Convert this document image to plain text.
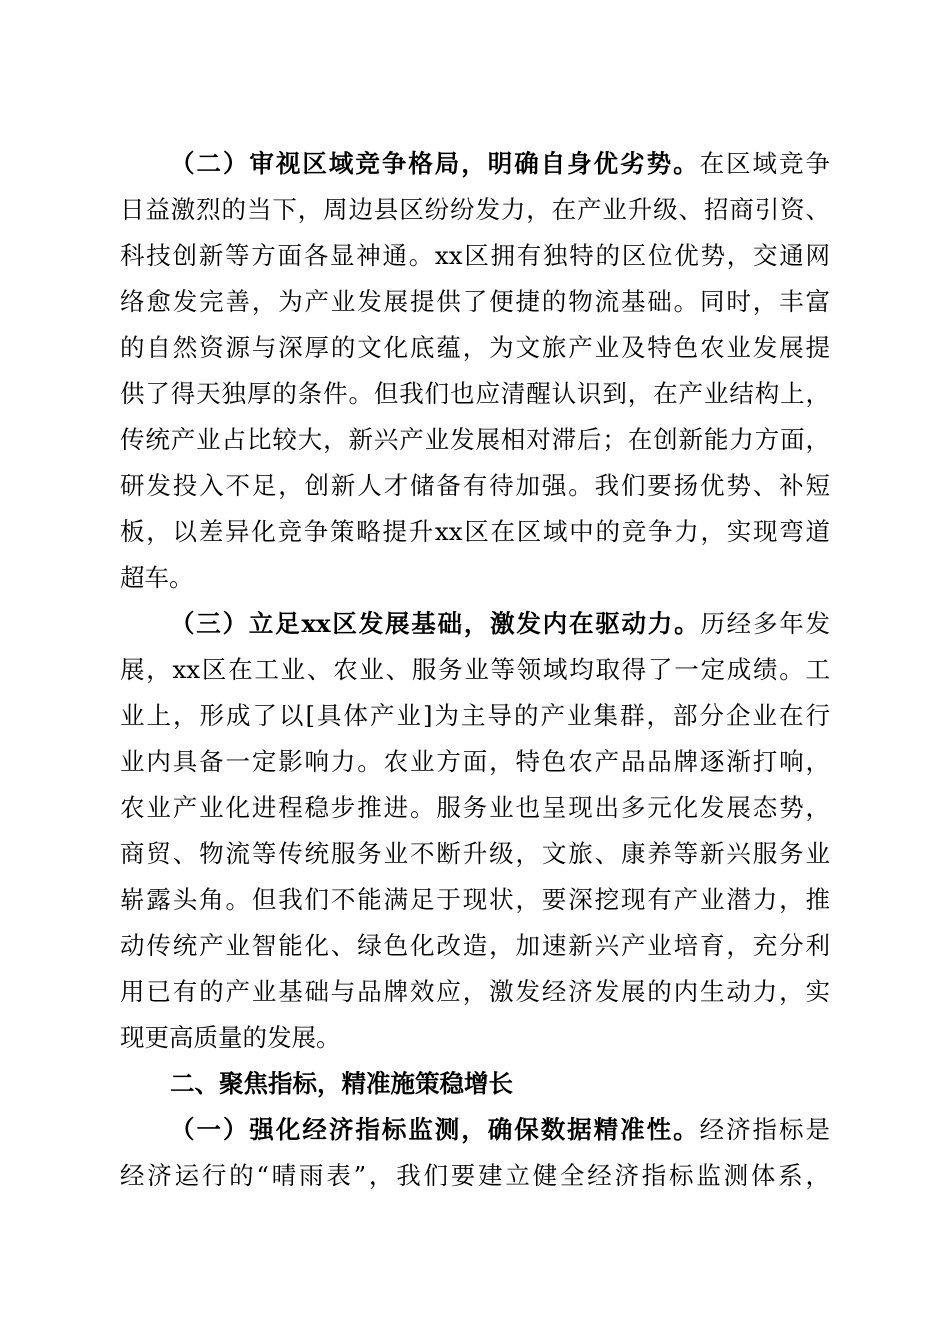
（二）审视区域竞争格局，明确自身优劣势。在区域竞争
日益激烈的当下，周边县区纷纷发力，在产业升级、招商引资、
科技创新等方面各显神通。xx区拥有独特的区位优势，交通网
络愈发完善，为产业发展提供了便捷的物流基础。同时，丰富
的自然资源与深厚的文化底蕴，为文旅产业及特色农业发展提
供了得天独厚的条件。但我们也应清醒认识到，在产业结构上，
传统产业占比较大，新兴产业发展相对滞后；在创新能力方面，
研发投入不足，创新人才储备有待加强。我们要扬优势、补短
板，以差异化竞争策略提升xx区在区域中的竞争力，实现弯道
超车。
（三）立足xx区发展基础，激发内在驱动力。历经多年发
展，xx区在工业、农业、服务业等领域均取得了一定成绩。工
业上，形成了以[具体产业]为主导的产业集群，部分企业在行
业内具备一定影响力。农业方面，特色农产品品牌逐渐打响，
农业产业化进程稳步推进。服务业也呈现出多元化发展态势，
商贸、物流等传统服务业不断升级，文旅、康养等新兴服务业
崭露头角。但我们不能满足于现状，要深挖现有产业潜力，推
动传统产业智能化、绿色化改造，加速新兴产业培育，充分利
用已有的产业基础与品牌效应，激发经济发展的内生动力，实
现更高质量的发展。
二、聚焦指标，精准施策稳增长
（一）强化经济指标监测，确保数据精准性。经济指标是
经济运行的“晴雨表”，我们要建立健全经济指标监测体系，
